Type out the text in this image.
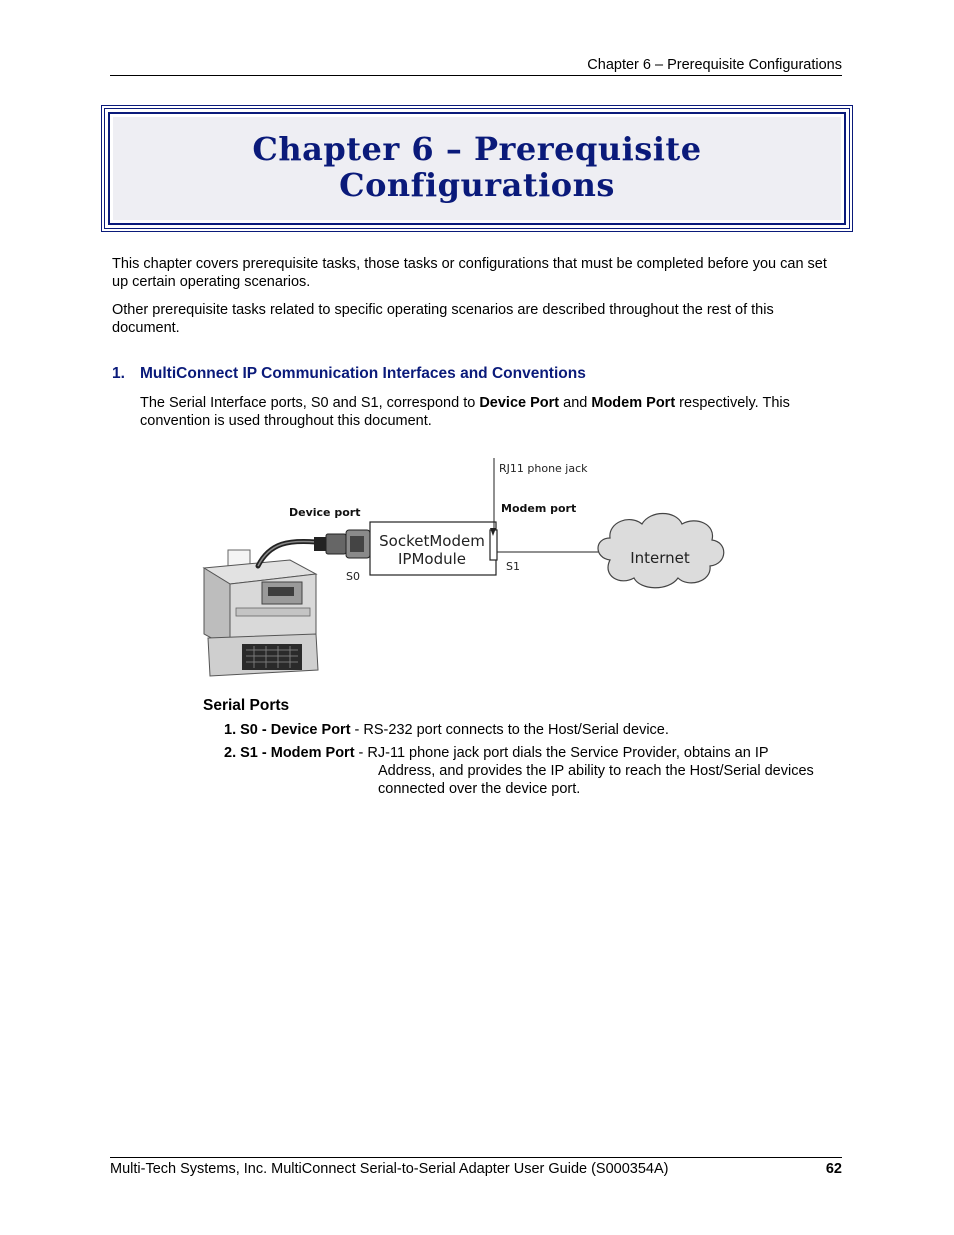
Chapter 6 – Prerequisite Configurations
Chapter 6 – Prerequisite
Configurations
This chapter covers prerequisite tasks, those tasks or configurations that must be completed before you can set up certain operating scenarios.
Other prerequisite tasks related to specific operating scenarios are described throughout the rest of this document.
1. MultiConnect IP Communication Interfaces and Conventions
The Serial Interface ports, S0 and S1, correspond to Device Port and Modem Port respectively. This convention is used throughout this document.
RJ11 phone jack
Device port	Modem port
SocketModem
IPModule
S0
S1	Internet
Serial Ports
1. S0 - Device Port - RS-232 port connects to the Host/Serial device.
2. S1 - Modem Port - RJ-11 phone jack port dials the Service Provider, obtains an IP
Address, and provides the IP ability to reach the Host/Serial devices connected over the device port.
Multi-Tech Systems, Inc. MultiConnect Serial-to-Serial Adapter User Guide (S000354A)	62
